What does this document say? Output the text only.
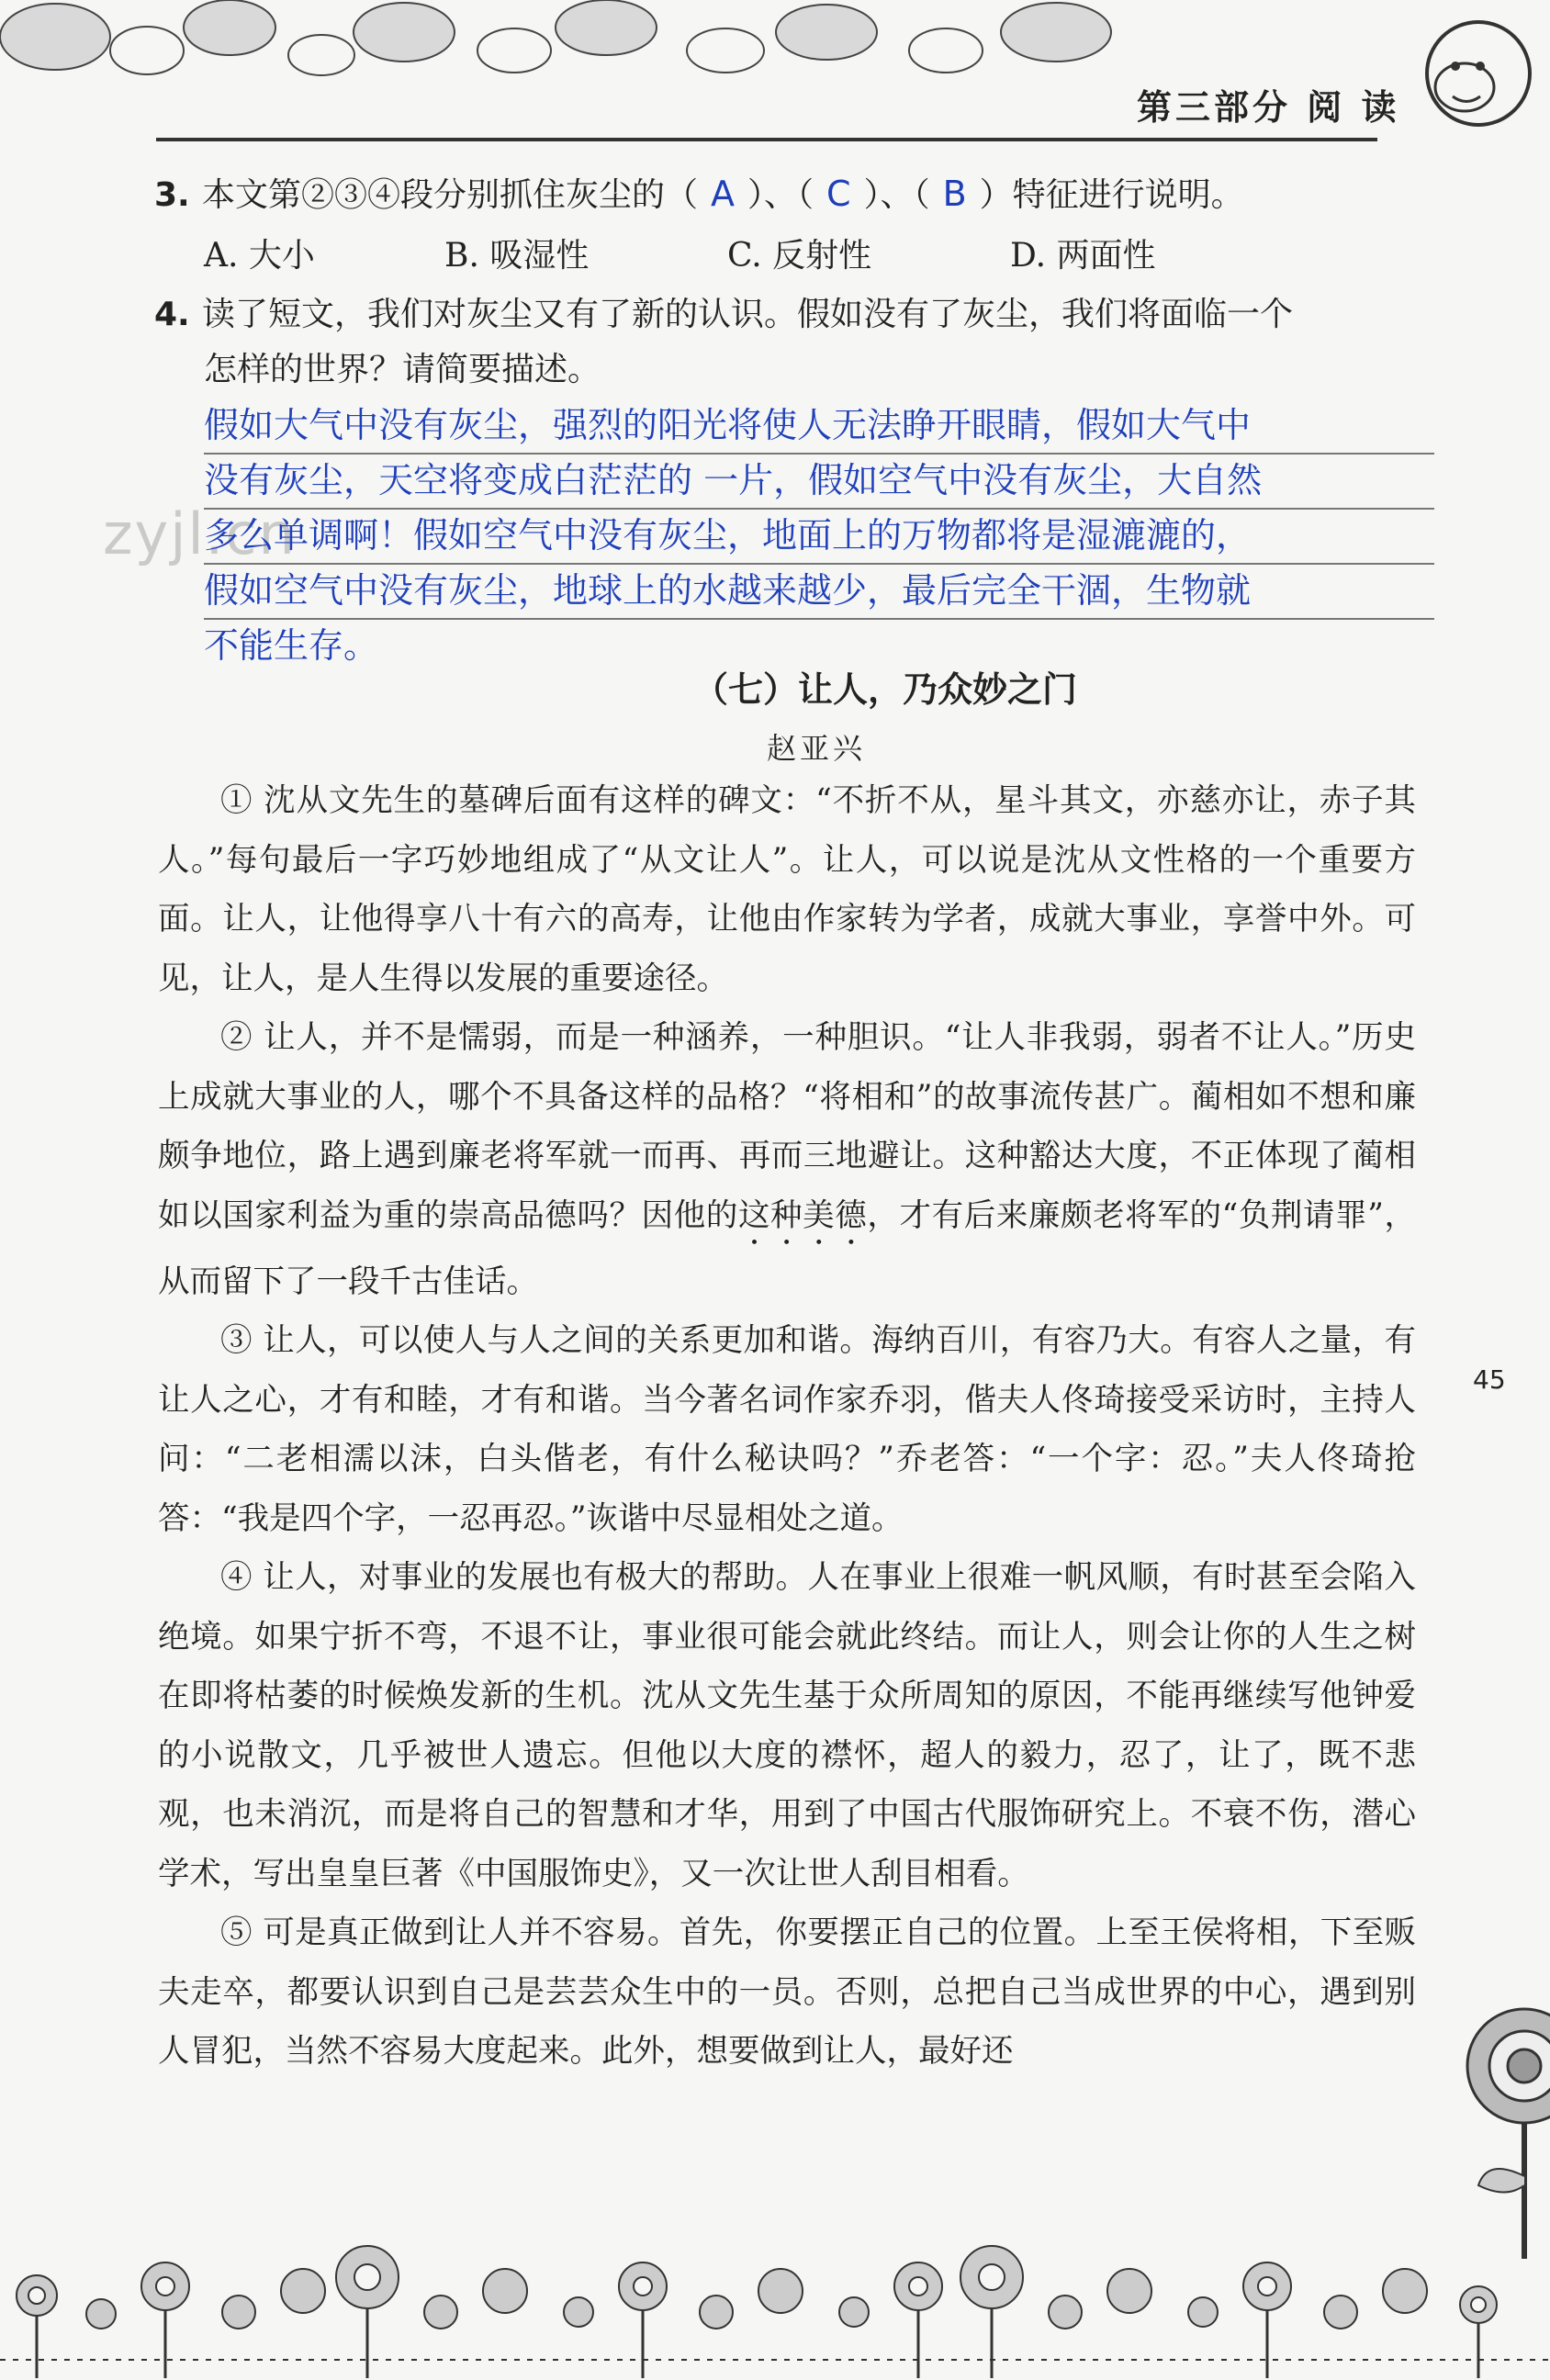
第三部分 阅 读
zyjl.cn
3. 本文第②③④段分别抓住灰尘的（ A ）、（ C ）、（ B ）特征进行说明。
A. 大小	B. 吸湿性	C. 反射性	D. 两面性
4. 读了短文，我们对灰尘又有了新的认识。假如没有了灰尘，我们将面临一个
怎样的世界？请简要描述。
假如大气中没有灰尘，强烈的阳光将使人无法睁开眼睛，假如大气中
没有灰尘，天空将变成白茫茫的 一片，假如空气中没有灰尘，大自然
多么单调啊！假如空气中没有灰尘，地面上的万物都将是湿漉漉的，
假如空气中没有灰尘，地球上的水越来越少，最后完全干涸，生物就
不能生存。
（七）让人，乃众妙之门
赵亚兴

① 沈从文先生的墓碑后面有这样的碑文：“不折不从，星斗其文，亦慈亦让，赤子其人。”每句最后一字巧妙地组成了“从文让人”。让人，可以说是沈从文性格的一个重要方面。让人，让他得享八十有六的高寿，让他由作家转为学者，成就大事业，享誉中外。可见，让人，是人生得以发展的重要途径。

② 让人，并不是懦弱，而是一种涵养，一种胆识。“让人非我弱，弱者不让人。”历史上成就大事业的人，哪个不具备这样的品格？“将相和”的故事流传甚广。蔺相如不想和廉颇争地位，路上遇到廉老将军就一而再、再而三地避让。这种豁达大度，不正体现了蔺相如以国家利益为重的崇高品德吗？因他的这种美德，才有后来廉颇老将军的“负荆请罪”，从而留下了一段千古佳话。

③ 让人，可以使人与人之间的关系更加和谐。海纳百川，有容乃大。有容人之量，有让人之心，才有和睦，才有和谐。当今著名词作家乔羽，偕夫人佟琦接受采访时，主持人问：“二老相濡以沫，白头偕老，有什么秘诀吗？”乔老答：“一个字：忍。”夫人佟琦抢答：“我是四个字，一忍再忍。”诙谐中尽显相处之道。

④ 让人，对事业的发展也有极大的帮助。人在事业上很难一帆风顺，有时甚至会陷入绝境。如果宁折不弯，不退不让，事业很可能会就此终结。而让人，则会让你的人生之树在即将枯萎的时候焕发新的生机。沈从文先生基于众所周知的原因，不能再继续写他钟爱的小说散文，几乎被世人遗忘。但他以大度的襟怀，超人的毅力，忍了，让了，既不悲观，也未消沉，而是将自己的智慧和才华，用到了中国古代服饰研究上。不衰不伤，潜心学术，写出皇皇巨著《中国服饰史》，又一次让世人刮目相看。

⑤ 可是真正做到让人并不容易。首先，你要摆正自己的位置。上至王侯将相，下至贩夫走卒，都要认识到自己是芸芸众生中的一员。否则，总把自己当成世界的中心，遇到别人冒犯，当然不容易大度起来。此外，想要做到让人，最好还

45
